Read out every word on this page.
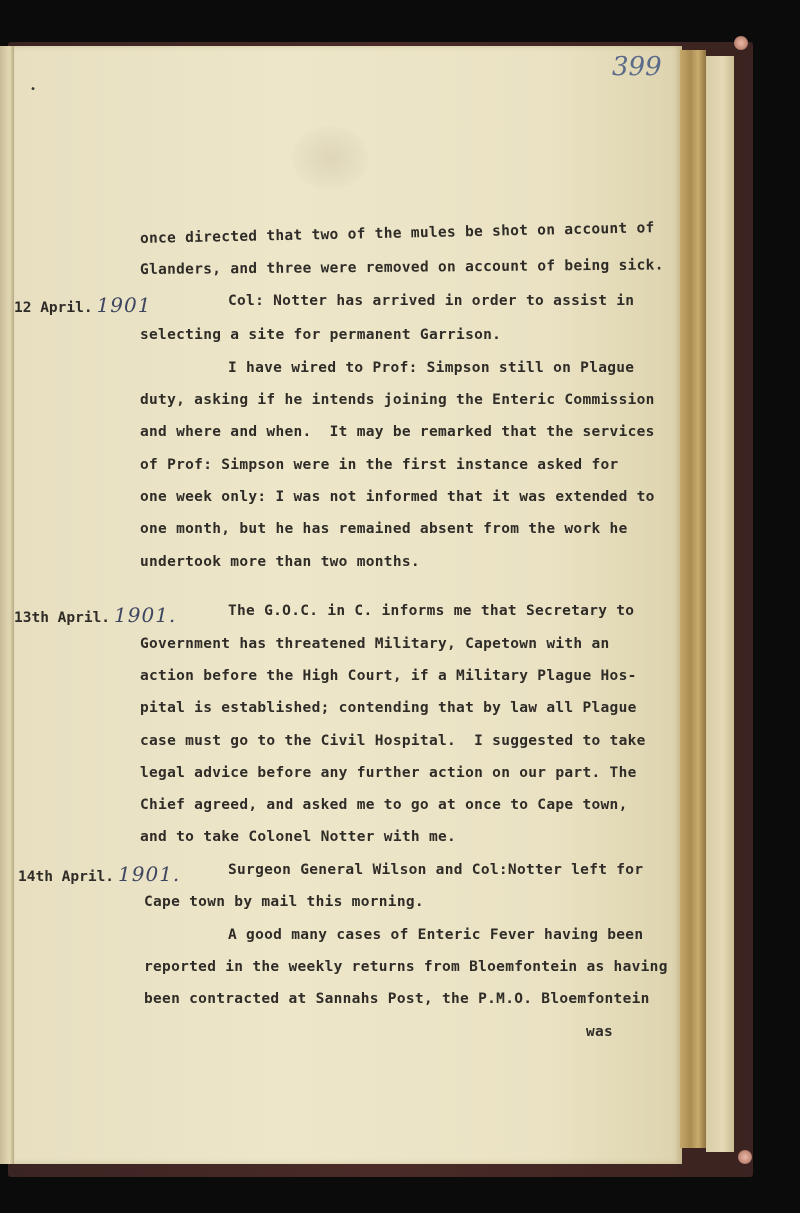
•
399
once directed that two of the mules be shot on account of
Glanders, and three were removed on account of being sick.
12 April. 1901	Col: Notter has arrived in order to assist in
selecting a site for permanent Garrison.
I have wired to Prof: Simpson still on Plague
duty, asking if he intends joining the Enteric Commission
and where and when.  It may be remarked that the services
of Prof: Simpson were in the first instance asked for
one week only: I was not informed that it was extended to
one month, but he has remained absent from the work he
undertook more than two months.
13th April. 1901.	The G.O.C. in C. informs me that Secretary to
Government has threatened Military, Capetown with an
action before the High Court, if a Military Plague Hos-
pital is established; contending that by law all Plague
case must go to the Civil Hospital.  I suggested to take
legal advice before any further action on our part. The
Chief agreed, and asked me to go at once to Cape town,
and to take Colonel Notter with me.
14th April. 1901.	Surgeon General Wilson and Col:Notter left for
Cape town by mail this morning.
A good many cases of Enteric Fever having been
reported in the weekly returns from Bloemfontein as having
been contracted at Sannahs Post, the P.M.O. Bloemfontein
was
